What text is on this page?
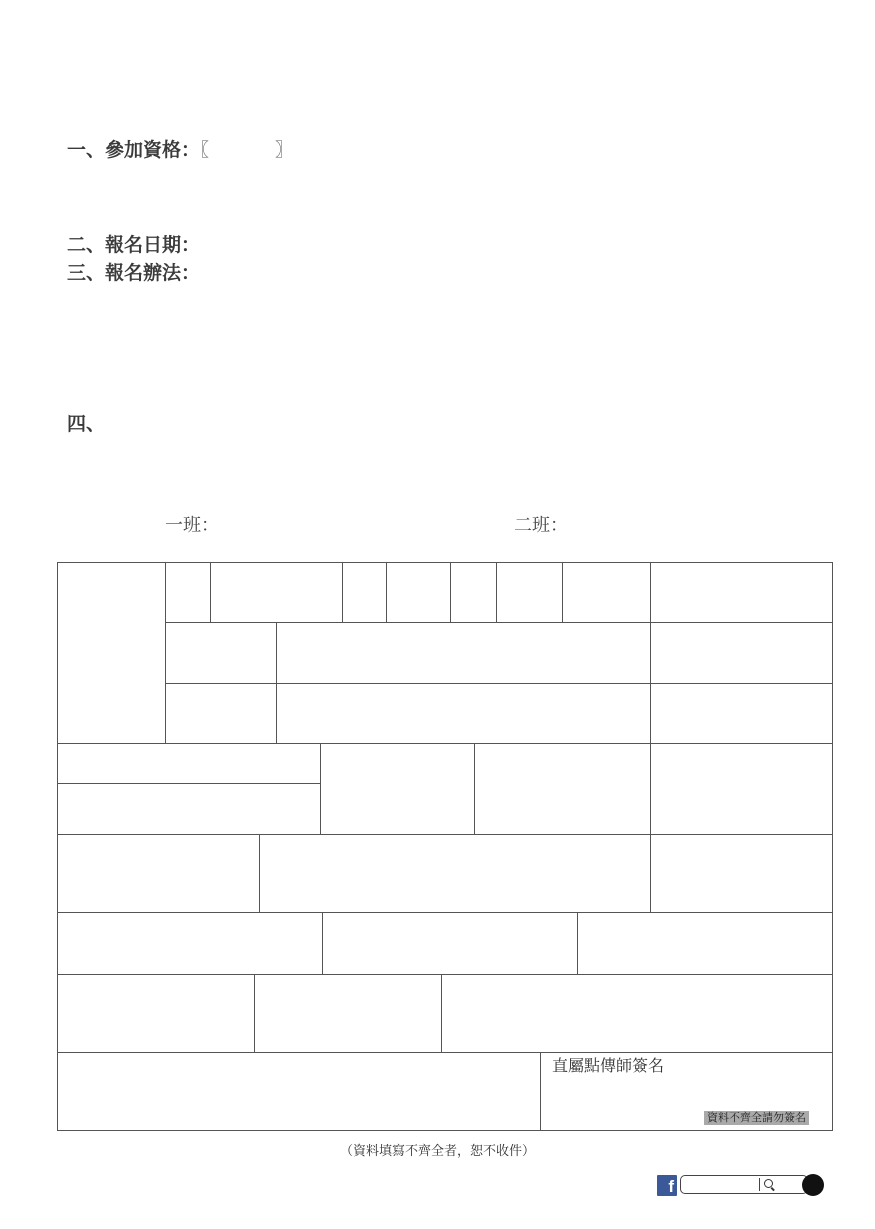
一、參加資格：〖	〗
二、報名日期：
三、報名辦法：
四、
一班：	二班：
直屬點傳師簽名
資料不齊全請勿簽名
（資料填寫不齊全者，恕不收件）
f
